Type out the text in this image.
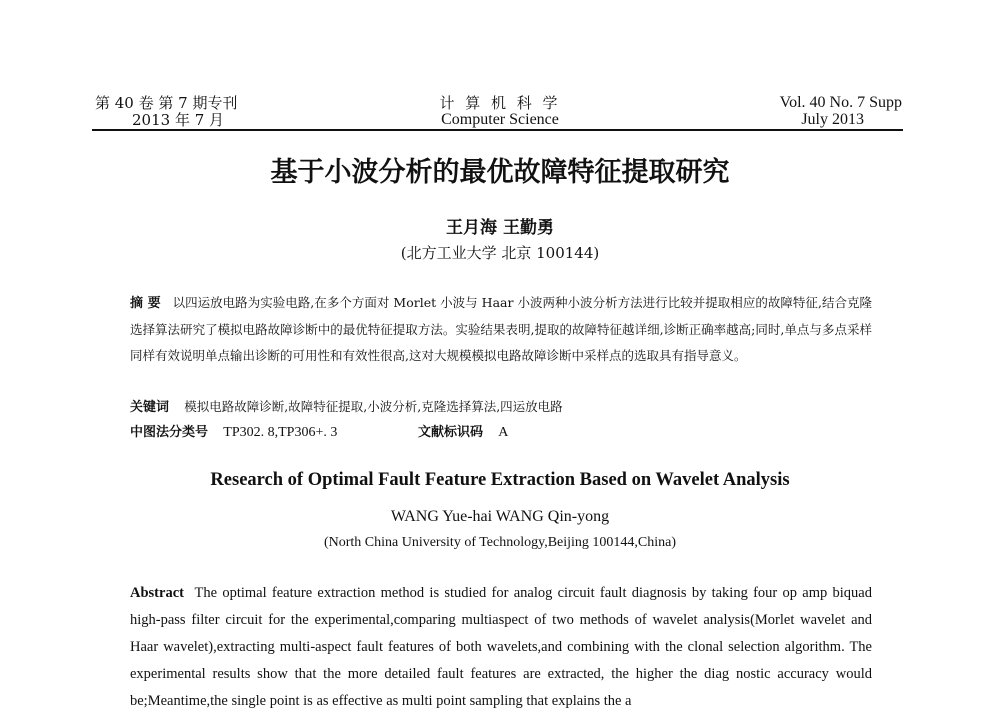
第 40 卷 第 7 期专刊
2013 年 7 月
计 算 机 科 学
Computer Science
Vol. 40 No. 7 Supp
July 2013
基于小波分析的最优故障特征提取研究
王月海 王勤勇
(北方工业大学 北京 100144)
摘 要 以四运放电路为实验电路,在多个方面对 Morlet 小波与 Haar 小波两种小波分析方法进行比较并提取相应的故障特征,结合克隆选择算法研究了模拟电路故障诊断中的最优特征提取方法。实验结果表明,提取的故障特征越详细,诊断正确率越高;同时,单点与多点采样同样有效说明单点输出诊断的可用性和有效性很高,这对大规模模拟电路故障诊断中采样点的选取具有指导意义。
关键词 模拟电路故障诊断,故障特征提取,小波分析,克隆选择算法,四运放电路
中图法分类号 TP302. 8,TP306+. 3	文献标识码 A
Research of Optimal Fault Feature Extraction Based on Wavelet Analysis
WANG Yue-hai WANG Qin-yong
(North China University of Technology,Beijing 100144,China)
Abstract The optimal feature extraction method is studied for analog circuit fault diagnosis by taking four op amp biquad high-pass filter circuit for the experimental,comparing multiaspect of two methods of wavelet analysis(Morlet wavelet and Haar wavelet),extracting multi-aspect fault features of both wavelets,and combining with the clonal selection algorithm. The experimental results show that the more detailed fault features are extracted, the higher the diag nostic accuracy would be;Meantime,the single point is as effective as multi point sampling that explains the a
